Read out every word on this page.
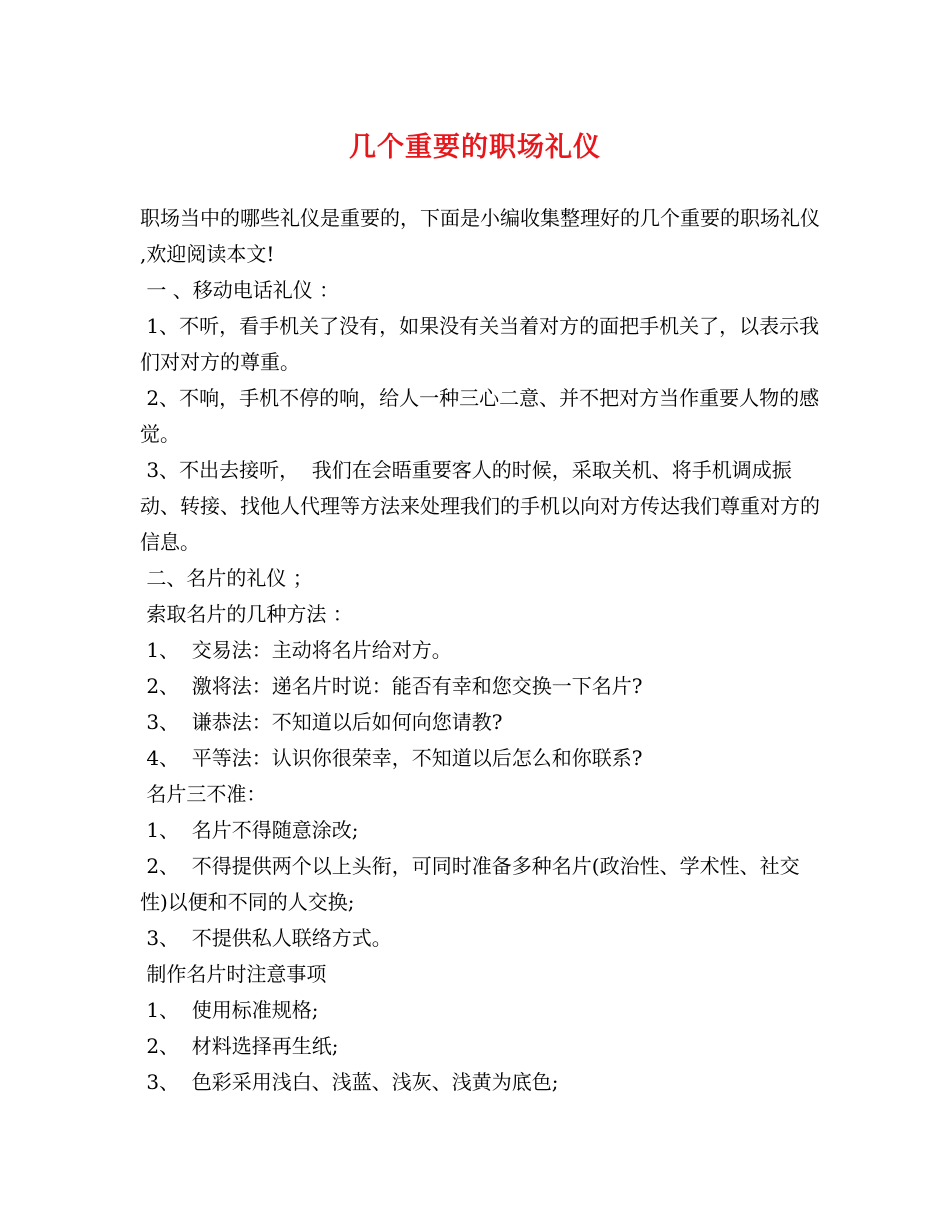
几个重要的职场礼仪

职场当中的哪些礼仪是重要的，下面是小编收集整理好的几个重要的职场礼仪 ,欢迎阅读本文!

一 、移动电话礼仪 ：

1、不听，看手机关了没有，如果没有关当着对方的面把手机关了，以表示我们对对方的尊重。

2、不响，手机不停的响，给人一种三心二意、并不把对方当作重要人物的感觉。

3、不出去接听，  我们在会晤重要客人的时候，采取关机、将手机调成振动、转接、找他人代理等方法来处理我们的手机以向对方传达我们尊重对方的信息。

二、名片的礼仪 ；

索取名片的几种方法 ：

1、  交易法：主动将名片给对方。

2、  激将法：递名片时说：能否有幸和您交换一下名片?

3、  谦恭法：不知道以后如何向您请教?

4、  平等法：认识你很荣幸，不知道以后怎么和你联系?

名片三不准：

1、  名片不得随意涂改;

2、  不得提供两个以上头衔，可同时准备多种名片(政治性、学术性、社交性)以便和不同的人交换;

3、  不提供私人联络方式。

制作名片时注意事项

1、  使用标准规格;

2、  材料选择再生纸;

3、  色彩采用浅白、浅蓝、浅灰、浅黄为底色;
